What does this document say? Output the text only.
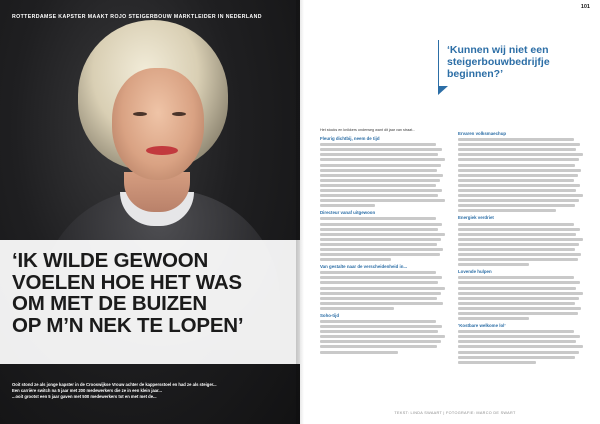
ROTTERDAMSE KAPSTER MAAKT ROJO STEIGERBOUW MARKTLEIDER IN NEDERLAND
‘IK WILDE GEWOON
VOELEN HOE HET WAS
OM MET DE BUIZEN
OP M’N NEK TE LOPEN’

Ooit stond ze als jonge kapster in de Crooswijkse Vrouw achter de kappersstoel en had ze als steiger...

Een carrière switch na 5 jaar met 200 medewerkers die ze in een klein jaar...

...ooit grootst een 5 jaar gaven met 500 medewerkers tot en met met de...

101
‘Kunnen wij niet een
steigerbouwbedrijfje
beginnen?’

Het stocks en knikkers onderweg want dit jaar van straat...

Fleurig dichtbij, neem de tijd
Directeur vanaf uitgewoon
Van gestalte naar de verscheidenheid in...
Soho-tijd
Ervaren volksmaechup
Energiek verdriet
Lovende hulpen
‘Kostbare welkome lol’
TEKST: LINDA SWAART | FOTOGRAFIE: MARCO DE SWART
